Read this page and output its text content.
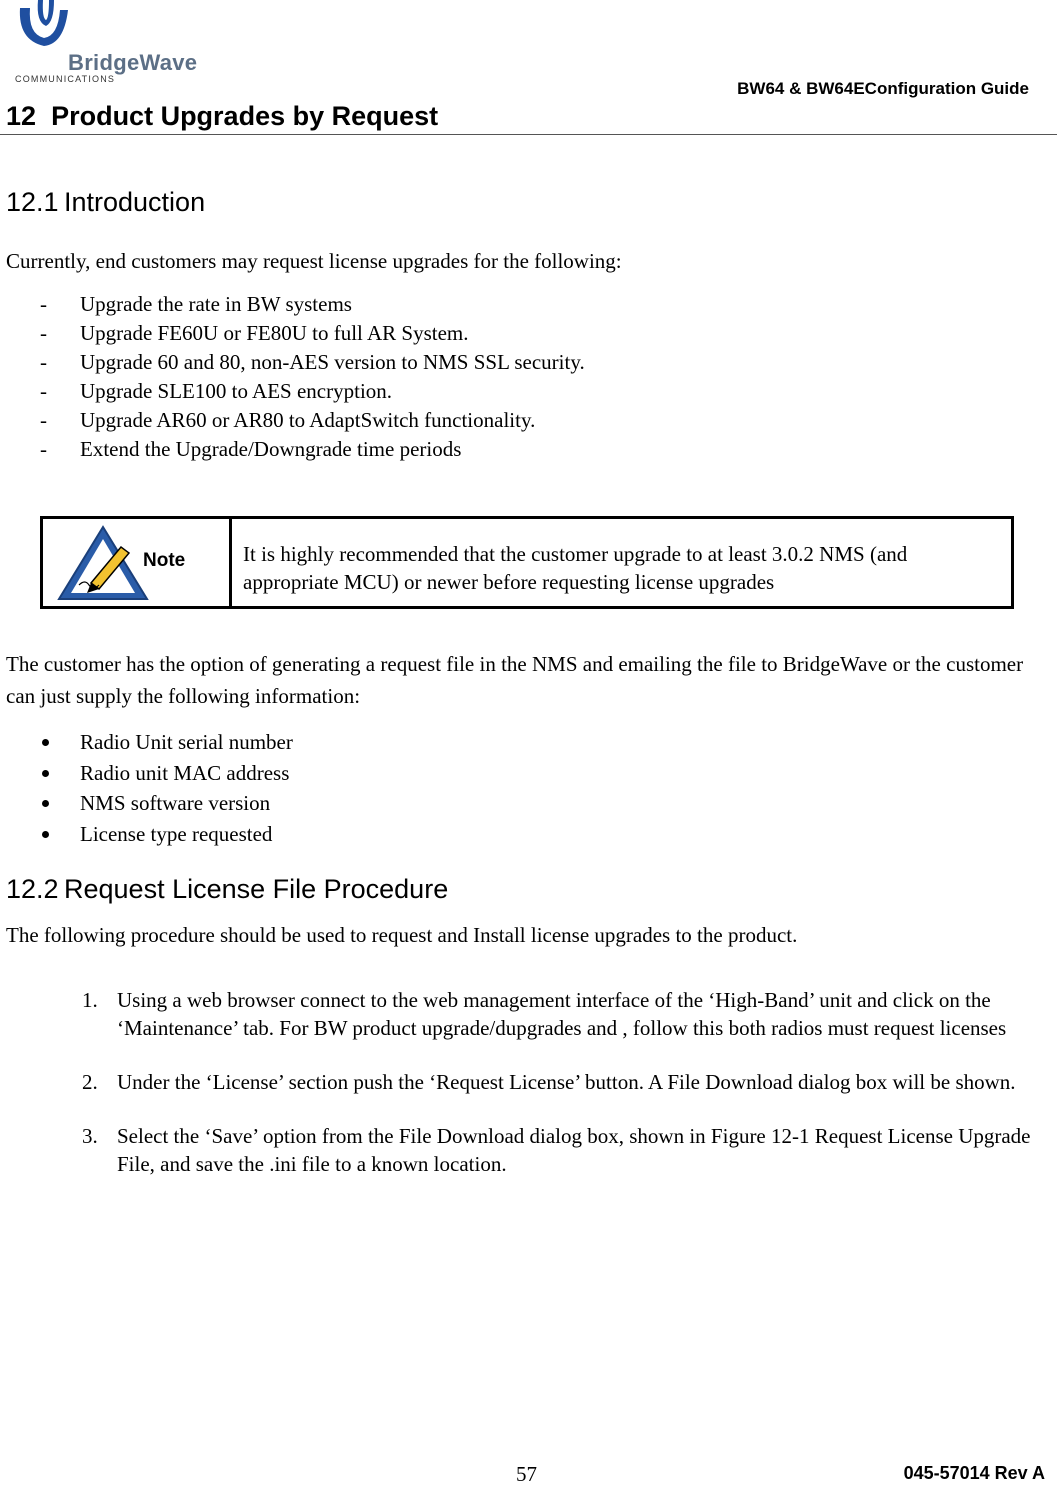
BridgeWave
COMMUNICATIONS	BW64 & BW64EConfiguration Guide
12 Product Upgrades by Request
12.1 Introduction
Currently, end customers may request license upgrades for the following:
- Upgrade the rate in BW systems
- Upgrade FE60U or FE80U to full AR System.
- Upgrade 60 and 80, non-AES version to NMS SSL security.
- Upgrade SLE100 to AES encryption.
- Upgrade AR60 or AR80 to AdaptSwitch functionality.
- Extend the Upgrade/Downgrade time periods
Note	It is highly recommended that the customer upgrade to at least 3.0.2 NMS (and appropriate MCU) or newer before requesting license upgrades
The customer has the option of generating a request file in the NMS and emailing the file to BridgeWave or the customer can just supply the following information:
Radio Unit serial number
Radio unit MAC address
NMS software version
License type requested
12.2 Request License File Procedure
The following procedure should be used to request and Install license upgrades to the product.
1. Using a web browser connect to the web management interface of the ‘High-Band’ unit and click on the ‘Maintenance’ tab. For BW product upgrade/dupgrades and , follow this both radios must request licenses
2. Under the ‘License’ section push the ‘Request License’ button. A File Download dialog box will be shown.
3. Select the ‘Save’ option from the File Download dialog box, shown in Figure 12-1 Request License Upgrade File, and save the .ini file to a known location.
57	045-57014 Rev A
